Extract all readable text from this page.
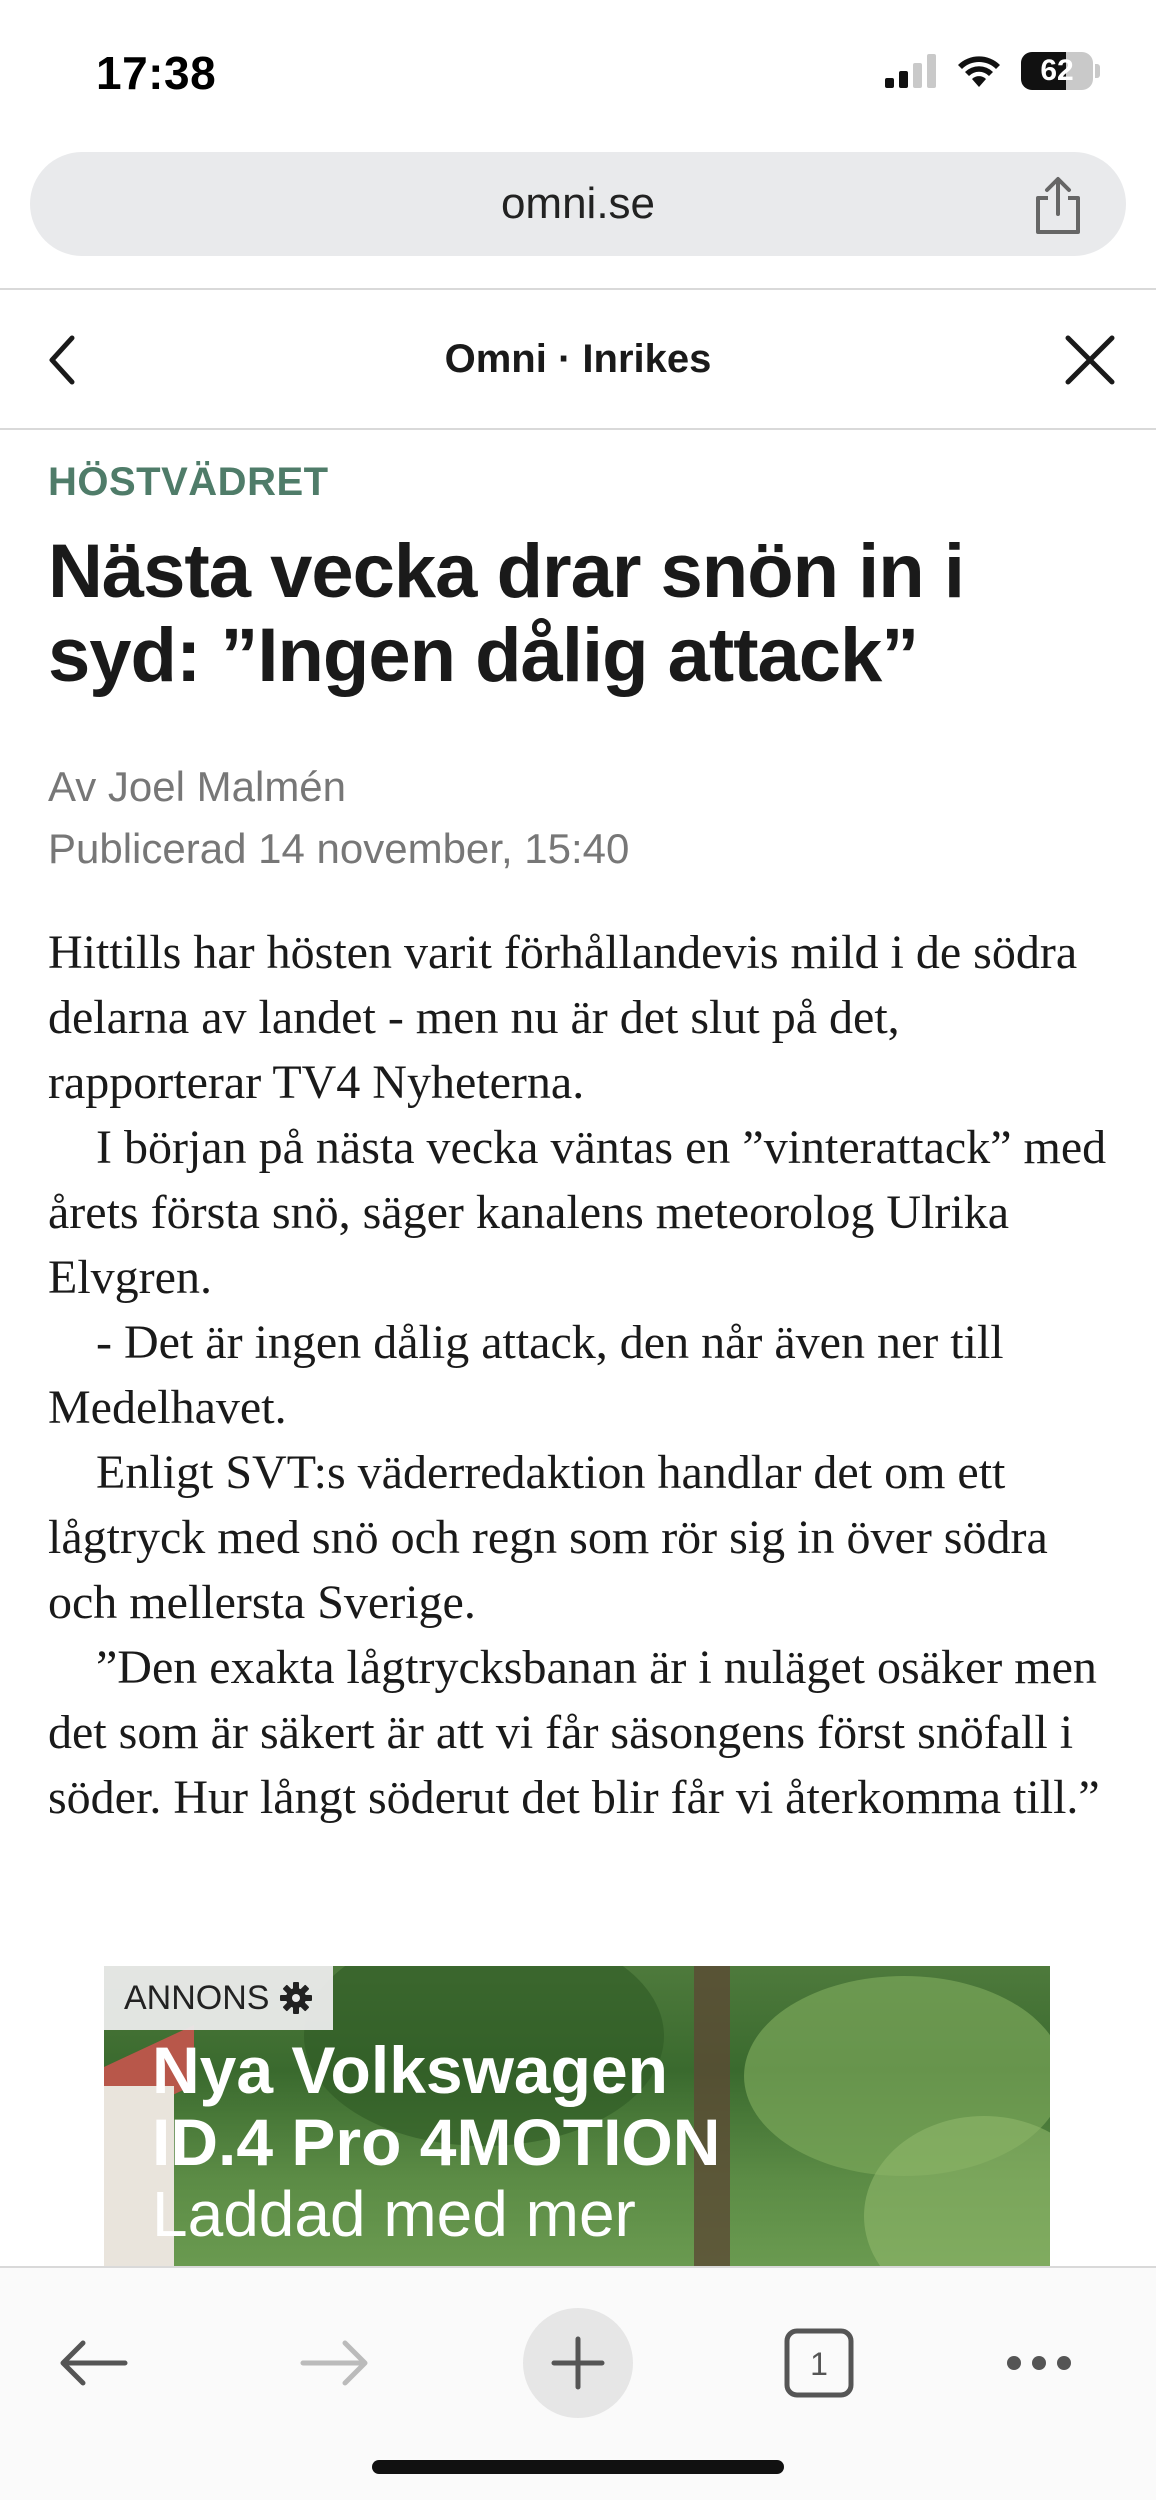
17:38	62
omni.se
Omni · Inrikes
HÖSTVÄDRET
Nästa vecka drar snön in i syd: ”Ingen dålig attack”
Av Joel Malmén
Publicerad 14 november, 15:40

Hittills har hösten varit förhållandevis mild i de södra delarna av landet - men nu är det slut på det, rapporterar TV4 Nyheterna.

I början på nästa vecka väntas en ”vinterattack” med årets första snö, säger kanalens meteorolog Ulrika Elvgren.

- Det är ingen dålig attack, den når även ner till Medelhavet.

Enligt SVT:s väderredaktion handlar det om ett lågtryck med snö och regn som rör sig in över södra och mellersta Sverige.

”Den exakta lågtrycksbanan är i nuläget osäker men det som är säkert är att vi får säsongens först snöfall i söder. Hur långt söderut det blir får vi återkomma till.”

ANNONS
Nya Volkswagen
ID.4 Pro 4MOTION
Laddad med mer
1
